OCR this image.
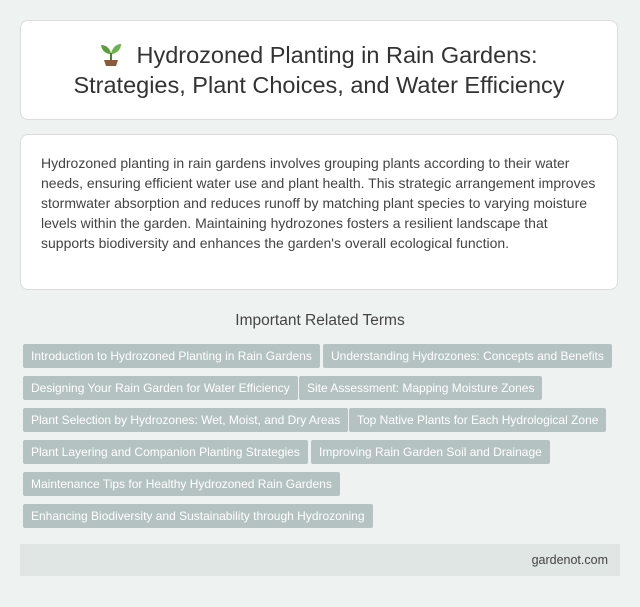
Hydrozoned Planting in Rain Gardens:
Strategies, Plant Choices, and Water Efficiency

Hydrozoned planting in rain gardens involves grouping plants according to their water needs, ensuring efficient water use and plant health. This strategic arrangement improves stormwater absorption and reduces runoff by matching plant species to varying moisture levels within the garden. Maintaining hydrozones fosters a resilient landscape that supports biodiversity and enhances the garden's overall ecological function.

Important Related Terms
Introduction to Hydrozoned Planting in Rain Gardens	Understanding Hydrozones: Concepts and Benefits
Designing Your Rain Garden for Water Efficiency	Site Assessment: Mapping Moisture Zones
Plant Selection by Hydrozones: Wet, Moist, and Dry Areas	Top Native Plants for Each Hydrological Zone
Plant Layering and Companion Planting Strategies	Improving Rain Garden Soil and Drainage
Maintenance Tips for Healthy Hydrozoned Rain Gardens
Enhancing Biodiversity and Sustainability through Hydrozoning
gardenot.com
